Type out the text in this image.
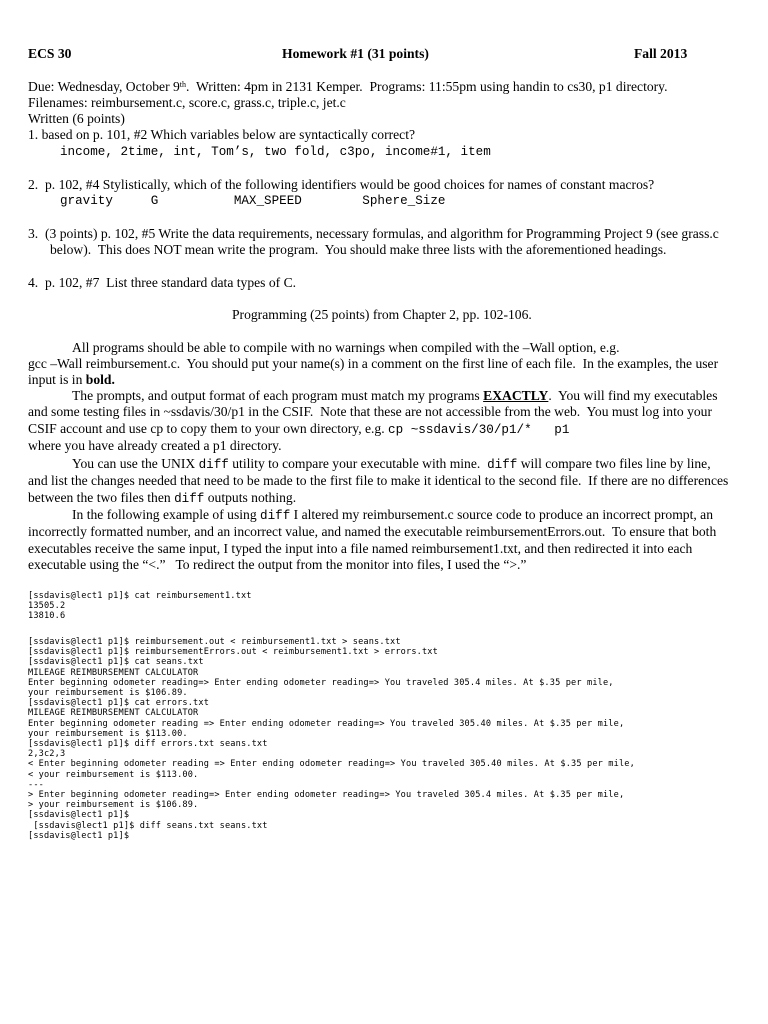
ECS 30	Homework #1 (31 points)	Fall 2013
Due: Wednesday, October 9th.  Written: 4pm in 2131 Kemper.  Programs: 11:55pm using handin to cs30, p1 directory.
Filenames: reimbursement.c, score.c, grass.c, triple.c, jet.c
Written (6 points)
1. based on p. 101, #2 Which variables below are syntactically correct?
income, 2time, int, Tom’s, two fold, c3po, income#1, item
2.  p. 102, #4 Stylistically, which of the following identifiers would be good choices for names of constant macros?
gravity     G          MAX_SPEED        Sphere_Size
3.  (3 points) p. 102, #5 Write the data requirements, necessary formulas, and algorithm for Programming Project 9 (see grass.c
below).  This does NOT mean write the program.  You should make three lists with the aforementioned headings.
4.  p. 102, #7  List three standard data types of C.
Programming (25 points) from Chapter 2, pp. 102-106.
All programs should be able to compile with no warnings when compiled with the –Wall option, e.g.
gcc –Wall reimbursement.c.  You should put your name(s) in a comment on the first line of each file.  In the examples, the user
input is in bold.
The prompts, and output format of each program must match my programs EXACTLY.  You will find my executables
and some testing files in ~ssdavis/30/p1 in the CSIF.  Note that these are not accessible from the web.  You must log into your
CSIF account and use cp to copy them to your own directory, e.g. cp ~ssdavis/30/p1/*   p1
where you have already created a p1 directory.
You can use the UNIX diff utility to compare your executable with mine.  diff will compare two files line by line,
and list the changes needed that need to be made to the first file to make it identical to the second file.  If there are no differences
between the two files then diff outputs nothing.
In the following example of using diff I altered my reimbursement.c source code to produce an incorrect prompt, an
incorrectly formatted number, and an incorrect value, and named the executable reimbursementErrors.out.  To ensure that both
executables receive the same input, I typed the input into a file named reimbursement1.txt, and then redirected it into each
executable using the “<.”   To redirect the output from the monitor into files, I used the “>.”
[ssdavis@lect1 p1]$ cat reimbursement1.txt
13505.2
13810.6
[ssdavis@lect1 p1]$ reimbursement.out < reimbursement1.txt > seans.txt
[ssdavis@lect1 p1]$ reimbursementErrors.out < reimbursement1.txt > errors.txt
[ssdavis@lect1 p1]$ cat seans.txt
MILEAGE REIMBURSEMENT CALCULATOR
Enter beginning odometer reading=> Enter ending odometer reading=> You traveled 305.4 miles. At $.35 per mile,
your reimbursement is $106.89.
[ssdavis@lect1 p1]$ cat errors.txt
MILEAGE REIMBURSEMENT CALCULATOR
Enter beginning odometer reading => Enter ending odometer reading=> You traveled 305.40 miles. At $.35 per mile,
your reimbursement is $113.00.
[ssdavis@lect1 p1]$ diff errors.txt seans.txt
2,3c2,3
< Enter beginning odometer reading => Enter ending odometer reading=> You traveled 305.40 miles. At $.35 per mile,
< your reimbursement is $113.00.
---
> Enter beginning odometer reading=> Enter ending odometer reading=> You traveled 305.4 miles. At $.35 per mile,
> your reimbursement is $106.89.
[ssdavis@lect1 p1]$
[ssdavis@lect1 p1]$ diff seans.txt seans.txt
[ssdavis@lect1 p1]$
